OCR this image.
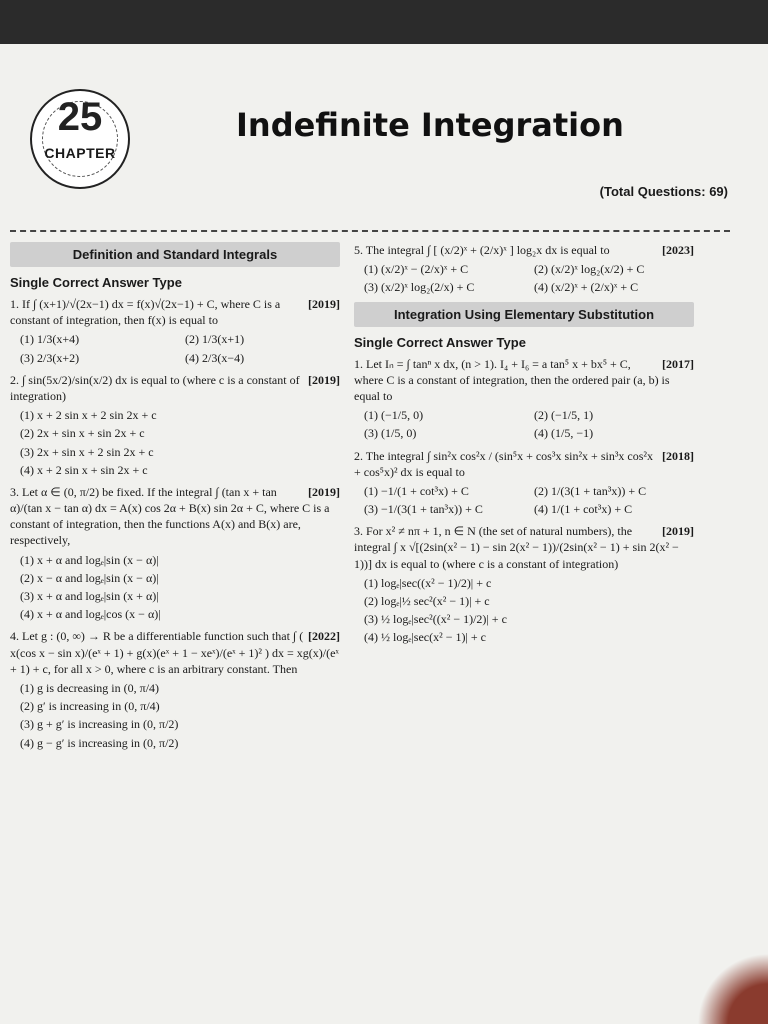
25
CHAPTER
Indefinite Integration
(Total Questions: 69)
Definition and Standard Integrals
Single Correct Answer Type
[2019]
1. If ∫ (x+1)/√(2x−1) dx = f(x)√(2x−1) + C, where C is a constant of integration, then f(x) is equal to
(1) 1/3(x+4)	(2) 1/3(x+1)
(3) 2/3(x+2)	(4) 2/3(x−4)
[2019]
2. ∫ sin(5x/2)/sin(x/2) dx is equal to (where c is a constant of integration)
(1) x + 2 sin x + 2 sin 2x + c
(2) 2x + sin x + sin 2x + c
(3) 2x + sin x + 2 sin 2x + c
(4) x + 2 sin x + sin 2x + c
[2019]
3. Let α ∈ (0, π/2) be fixed. If the integral ∫ (tan x + tan α)/(tan x − tan α) dx = A(x) cos 2α + B(x) sin 2α + C, where C is a constant of integration, then the functions A(x) and B(x) are, respectively,
(1) x + α and logₑ|sin (x − α)|
(2) x − α and logₑ|sin (x − α)|
(3) x + α and logₑ|sin (x + α)|
(4) x + α and logₑ|cos (x − α)|
[2022]
4. Let g : (0, ∞) → R be a differentiable function such that ∫ ( x(cos x − sin x)/(eˣ + 1) + g(x)(eˣ + 1 − xeˣ)/(eˣ + 1)² ) dx = xg(x)/(eˣ + 1) + c, for all x > 0, where c is an arbitrary constant. Then
(1) g is decreasing in (0, π/4)
(2) g′ is increasing in (0, π/4)
(3) g + g′ is increasing in (0, π/2)
(4) g − g′ is increasing in (0, π/2)
[2023]
5. The integral ∫ [ (x/2)ˣ + (2/x)ˣ ] log₂x dx is equal to
(1) (x/2)ˣ − (2/x)ˣ + C	(2) (x/2)ˣ log₂(x/2) + C
(3) (x/2)ˣ log₂(2/x) + C	(4) (x/2)ˣ + (2/x)ˣ + C
Integration Using Elementary Substitution
Single Correct Answer Type
[2017]
1. Let Iₙ = ∫ tanⁿ x dx, (n > 1). I₄ + I₆ = a tan⁵ x + bx⁵ + C, where C is a constant of integration, then the ordered pair (a, b) is equal to
(1) (−1/5, 0)	(2) (−1/5, 1)
(3) (1/5, 0)	(4) (1/5, −1)
[2018]
2. The integral ∫ sin²x cos²x / (sin⁵x + cos³x sin²x + sin³x cos²x + cos⁵x)² dx is equal to
(1) −1/(1 + cot³x) + C	(2) 1/(3(1 + tan³x)) + C
(3) −1/(3(1 + tan³x)) + C	(4) 1/(1 + cot³x) + C
[2019]
3. For x² ≠ nπ + 1, n ∈ N (the set of natural numbers), the integral ∫ x √[(2sin(x² − 1) − sin 2(x² − 1))/(2sin(x² − 1) + sin 2(x² − 1))] dx is equal to (where c is a constant of integration)
(1) logₑ|sec((x² − 1)/2)| + c
(2) logₑ|½ sec²(x² − 1)| + c
(3) ½ logₑ|sec²((x² − 1)/2)| + c
(4) ½ logₑ|sec(x² − 1)| + c
